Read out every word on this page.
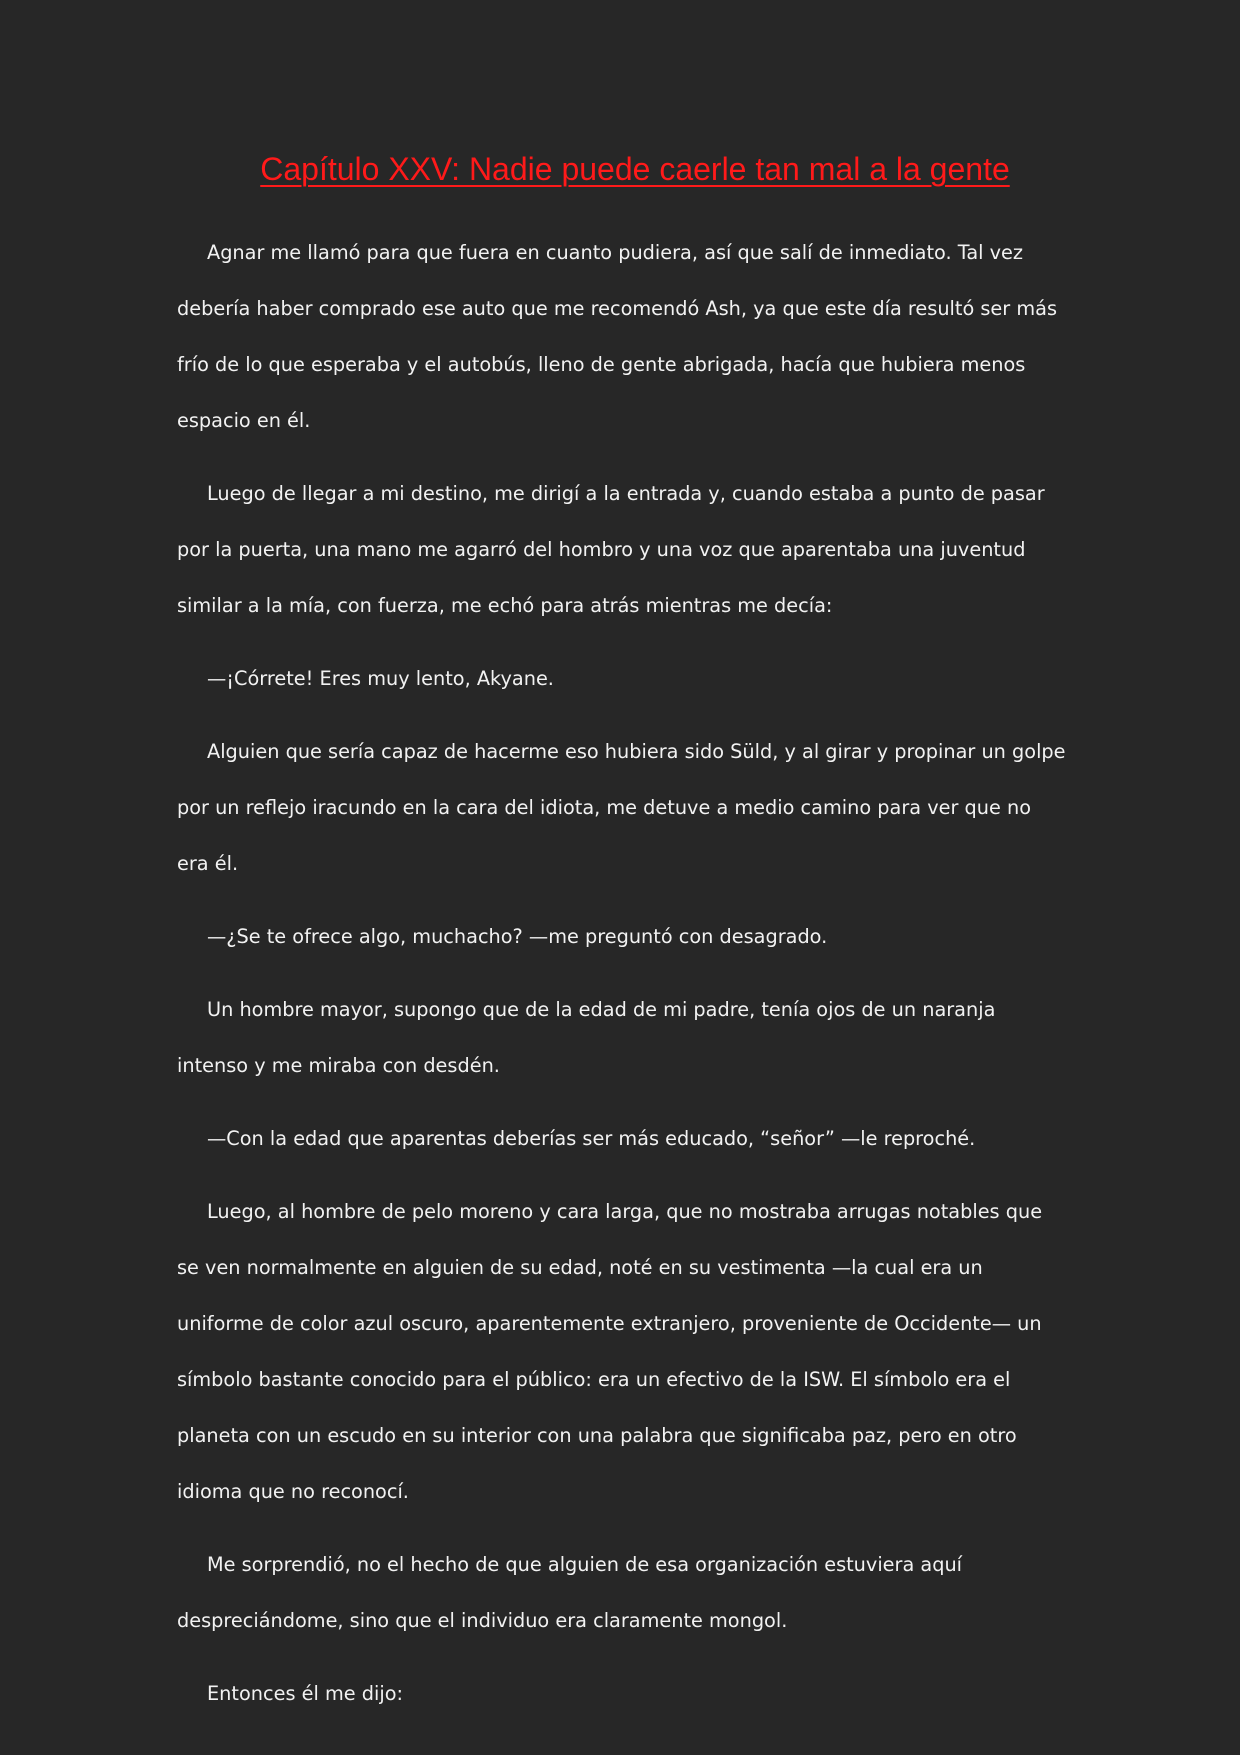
Capítulo XXV: Nadie puede caerle tan mal a la gente

Agnar me llamó para que fuera en cuanto pudiera, así que salí de inmediato. Tal vez debería haber comprado ese auto que me recomendó Ash, ya que este día resultó ser más frío de lo que esperaba y el autobús, lleno de gente abrigada, hacía que hubiera menos espacio en él.

Luego de llegar a mi destino, me dirigí a la entrada y, cuando estaba a punto de pasar por la puerta, una mano me agarró del hombro y una voz que aparentaba una juventud similar a la mía, con fuerza, me echó para atrás mientras me decía:

—¡Córrete! Eres muy lento, Akyane.

Alguien que sería capaz de hacerme eso hubiera sido Süld, y al girar y propinar un golpe por un reflejo iracundo en la cara del idiota, me detuve a medio camino para ver que no era él.

—¿Se te ofrece algo, muchacho? —me preguntó con desagrado.

Un hombre mayor, supongo que de la edad de mi padre, tenía ojos de un naranja intenso y me miraba con desdén.

—Con la edad que aparentas deberías ser más educado, “señor” —le reproché.

Luego, al hombre de pelo moreno y cara larga, que no mostraba arrugas notables que se ven normalmente en alguien de su edad, noté en su vestimenta —la cual era un uniforme de color azul oscuro, aparentemente extranjero, proveniente de Occidente— un símbolo bastante conocido para el público: era un efectivo de la ISW. El símbolo era el planeta con un escudo en su interior con una palabra que significaba paz, pero en otro idioma que no reconocí.

Me sorprendió, no el hecho de que alguien de esa organización estuviera aquí despreciándome, sino que el individuo era claramente mongol.

Entonces él me dijo:
